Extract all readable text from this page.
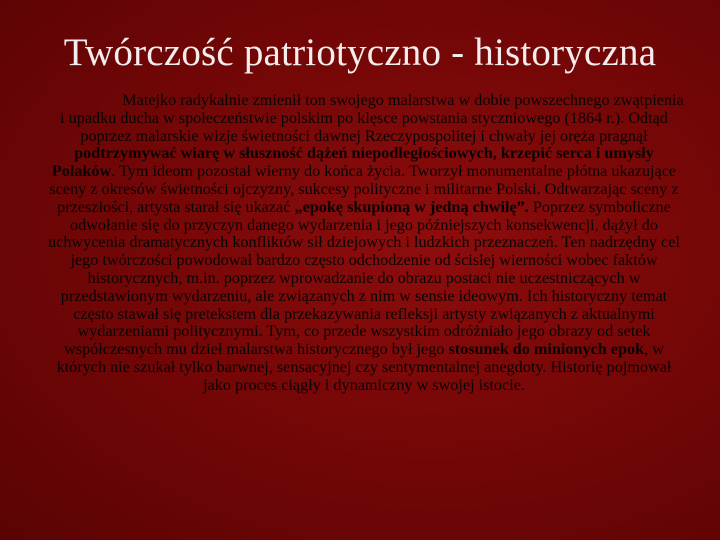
Twórczość patriotyczno - historyczna

Matejko radykalnie zmienił ton swojego malarstwa w dobie powszechnego zwątpienia i upadku ducha w społeczeństwie polskim po klęsce powstania styczniowego (1864 r.). Odtąd poprzez malarskie wizje świetności dawnej Rzeczypospolitej i chwały jej oręża pragnął podtrzymywać wiarę w słuszność dążeń niepodległościowych, krzepić serca i umysły Polaków. Tym ideom pozostał wierny do końca życia. Tworzył monumentalne płótna ukazujące sceny z okresów świetności ojczyzny, sukcesy polityczne i militarne Polski. Odtwarzając sceny z przeszłości, artysta starał się ukazać „epokę skupioną w jedną chwilę”. Poprzez symboliczne odwołanie się do przyczyn danego wydarzenia i jego późniejszych konsekwencji, dążył do uchwycenia dramatycznych konfliktów sił dziejowych i ludzkich przeznaczeń. Ten nadrzędny cel jego twórczości powodował bardzo często odchodzenie od ścisłej wierności wobec faktów historycznych, m.in. poprzez wprowadzanie do obrazu postaci nie uczestniczących w przedstawionym wydarzeniu, ale związanych z nim w sensie ideowym. Ich historyczny temat często stawał się pretekstem dla przekazywania refleksji artysty związanych z aktualnymi wydarzeniami politycznymi. Tym, co przede wszystkim odróżniało jego obrazy od setek współczesnych mu dzieł malarstwa historycznego był jego stosunek do minionych epok, w których nie szukał tylko barwnej, sensacyjnej czy sentymentalnej anegdoty. Historię pojmował jako proces ciągły i dynamiczny w swojej istocie.
